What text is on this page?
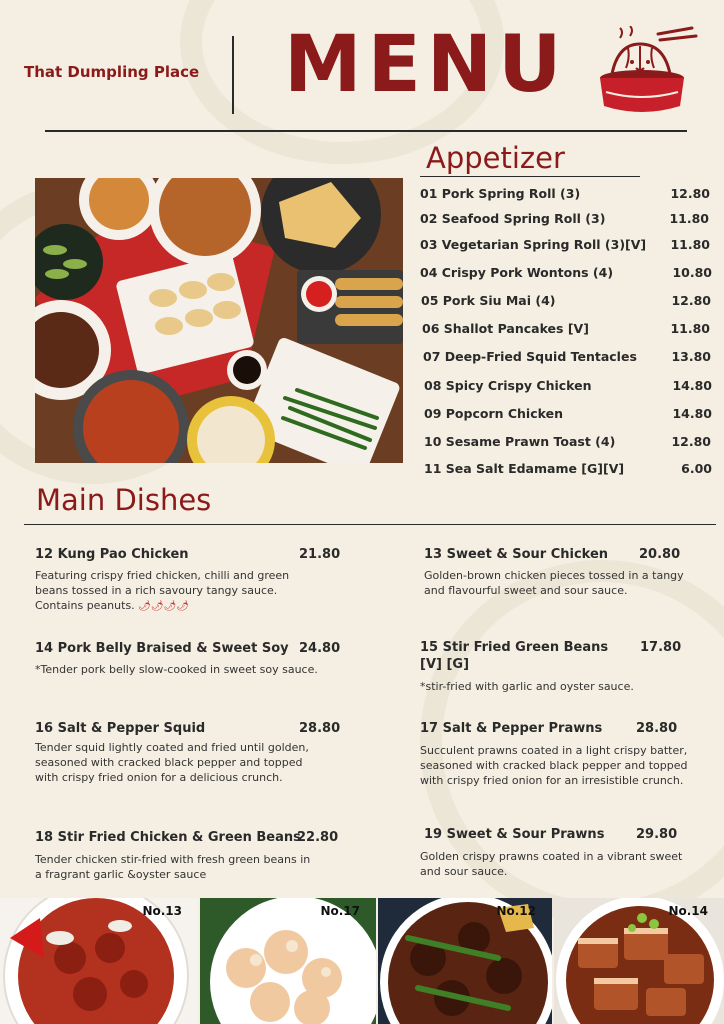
That Dumpling Place MENU
Appetizer
01 Pork Spring Roll (3)	12.80
02 Seafood Spring Roll (3)	11.80
03 Vegetarian Spring Roll (3)[V] 11.80
04 Crispy Pork Wontons (4)	10.80
05 Pork Siu Mai (4)	12.80
06 Shallot Pancakes [V]	11.80
07 Deep-Fried Squid Tentacles	13.80
08 Spicy Crispy Chicken	14.80
09 Popcorn Chicken	14.80
10 Sesame Prawn Toast (4)	12.80
11 Sea Salt Edamame [G][V]	6.00
Main Dishes
12 Kung Pao Chicken	21.80
Featuring crispy fried chicken, chilli and green beans tossed in a rich savoury tangy sauce. Contains peanuts. 🌶🌶🌶🌶
13 Sweet & Sour Chicken 20.80
Golden-brown chicken pieces tossed in a tangy and flavourful sweet and sour sauce.
14 Pork Belly Braised & Sweet Soy 24.80
*Tender pork belly slow-cooked in sweet soy sauce.
15 Stir Fried Green Beans [V] [G]
17.80
*stir-fried with garlic and oyster sauce.
16 Salt & Pepper Squid	28.80
Tender squid lightly coated and fried until golden, seasoned with cracked black pepper and topped with crispy fried onion for a delicious crunch.
17 Salt & Pepper Prawns	28.80
Succulent prawns coated in a light crispy batter, seasoned with cracked black pepper and topped with crispy fried onion for an irresistible crunch.
18 Stir Fried Chicken & Green Beans
22.80
Tender chicken stir-fried with fresh green beans in a fragrant garlic &oyster sauce
19 Sweet & Sour Prawns 29.80
Golden crispy prawns coated in a vibrant sweet and sour sauce.
No.13	No.17	No.12	No.14
